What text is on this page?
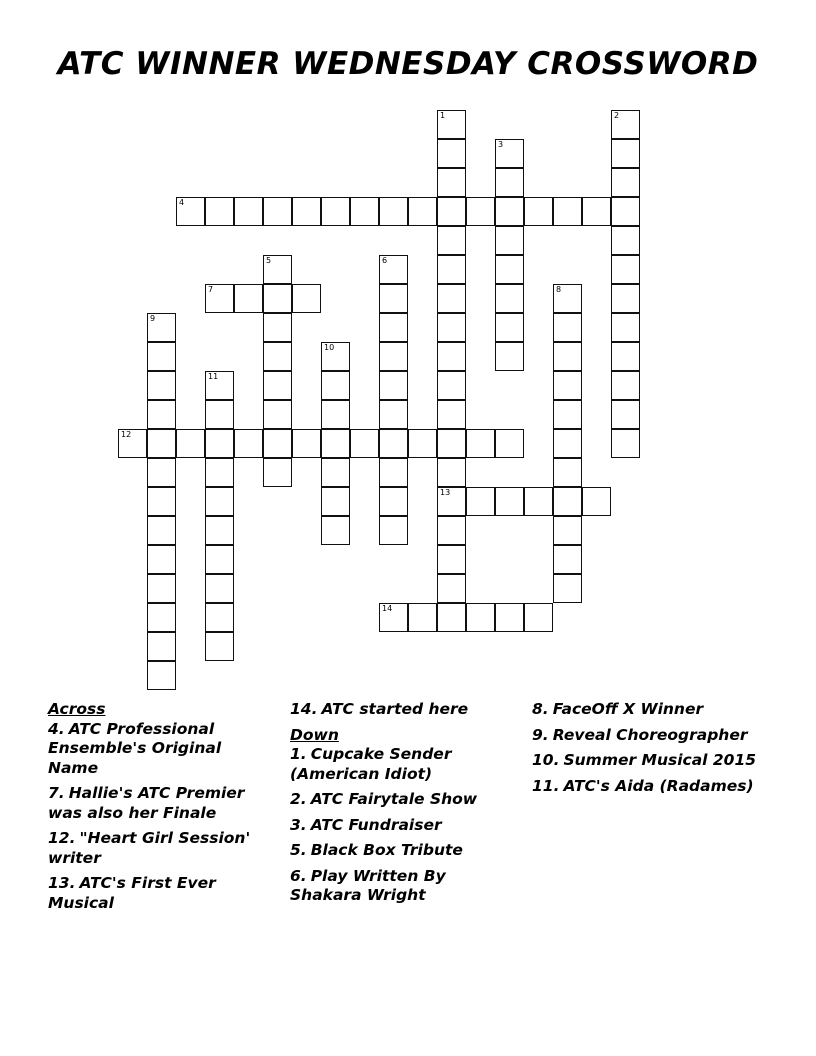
ATC WINNER WEDNESDAY CROSSWORD
4
7
12
13
14
1	2
3
5	6
8
9
10
11
Across
4. ATC Professional Ensemble's Original Name
7. Hallie's ATC Premier was also her Finale
12. "Heart Girl Session' writer
13. ATC's First Ever Musical
14. ATC started here
Down
1. Cupcake Sender (American Idiot)
2. ATC Fairytale Show
3. ATC Fundraiser
5. Black Box Tribute
6. Play Written By Shakara Wright
8. FaceOff X Winner
9. Reveal Choreographer
10. Summer Musical 2015
11. ATC's Aida (Radames)
